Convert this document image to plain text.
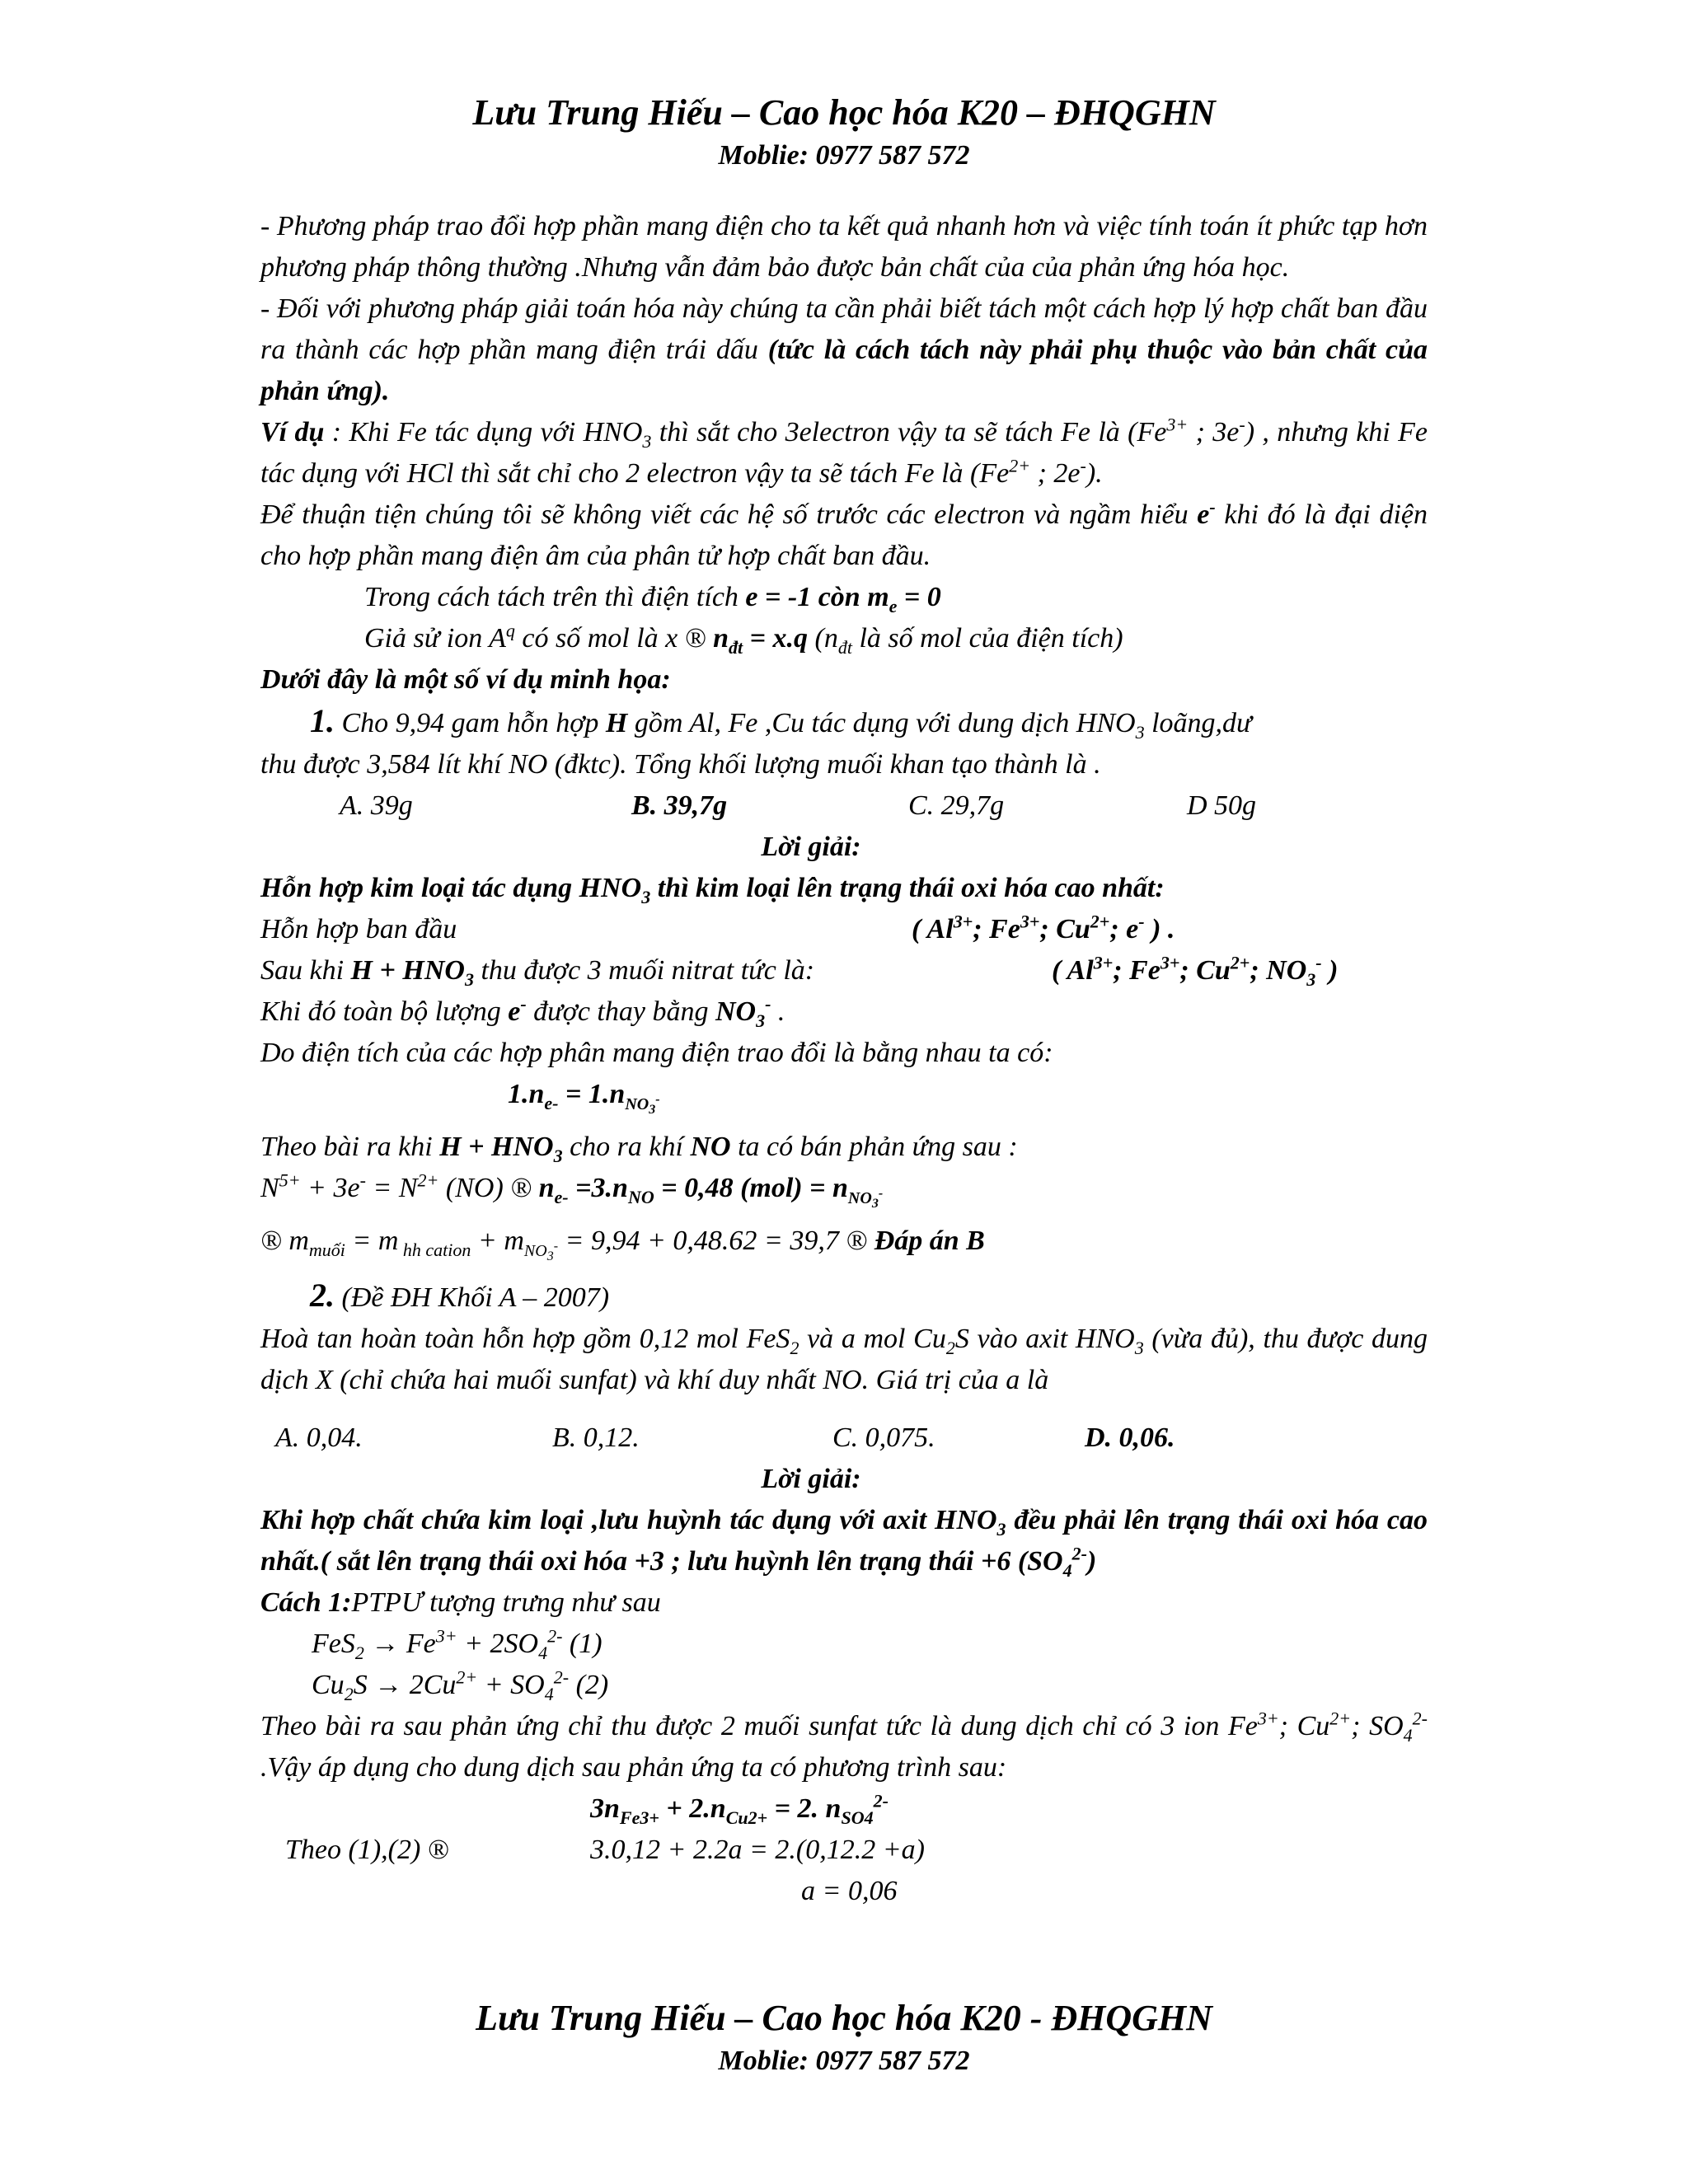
Lưu Trung Hiếu – Cao học hóa K20 – ĐHQGHN
Moblie: 0977 587 572

- Phương pháp trao đổi hợp phần mang điện cho ta kết quả nhanh hơn và việc tính toán ít phức tạp hơn phương pháp thông thường .Nhưng vẫn đảm bảo được bản chất của của phản ứng hóa học.

- Đối với phương pháp giải toán hóa này chúng ta cần phải biết tách một cách hợp lý hợp chất ban đầu ra thành các hợp phần mang điện trái dấu (tức là cách tách này phải phụ thuộc vào bản chất của phản ứng).

Ví dụ : Khi Fe tác dụng với $HNO_3$ thì sắt cho 3electron vậy ta sẽ tách Fe là ($Fe^{3+}$ ; 3e-) , nhưng khi Fe tác dụng với HCl thì sắt chỉ cho 2 electron vậy ta sẽ tách Fe là ($Fe^{2+}$ ; 2e-).

Để thuận tiện chúng tôi sẽ không viết các hệ số trước các electron và ngầm hiểu e- khi đó là đại diện cho hợp phần mang điện âm của phân tử hợp chất ban đầu.

Trong cách tách trên thì điện tích e = -1 còn $m_e = 0$

Giả sử ion $A^q$ có số mol là x ® $n_{đt} = x.q$ ($n_{đt}$ là số mol của điện tích)

Dưới đây là một số ví dụ minh họa:

1. Cho 9,94 gam hỗn hợp H gồm Al, Fe ,Cu tác dụng với dung dịch $HNO_3$ loãng,dư

thu được 3,584 lít khí NO (đktc). Tổng khối lượng muối khan tạo thành là .

A. 39g	B. 39,7g	C. 29,7g	D 50g

Lời giải:

Hỗn hợp kim loại tác dụng $HNO_3$ thì kim loại lên trạng thái oxi hóa cao nhất:

Hỗn hợp ban đầu	( $Al^{3+}$; $Fe^{3+}$; $Cu^{2+}$; e- ) .
Sau khi $H + HNO_3$ thu được 3 muối nitrat tức là:	( $Al^{3+}$; $Fe^{3+}$; $Cu^{2+}$; $NO_3^-$ )

Khi đó toàn bộ lượng e- được thay bằng $NO_3^-$ .

Do điện tích của các hợp phân mang điện trao đổi là bằng nhau ta có:

$1.n_{e-} = 1.n_{NO_3^-}$

Theo bài ra khi $H + HNO_3$ cho ra khí NO ta có bán phản ứng sau :

$N^{5+} + 3e^- = N^{2+}$ (NO) ® $n_{e-} =3.n_{NO} = 0,48$ $(mol) = n_{NO_3^-}$

® $m_{muối} = m$ $_{hh cation} + m_{NO_3^-} = 9,94 + 0,48.62 = 39,7$ ® Đáp án B

2. (Đề ĐH Khối A – 2007)

Hoà tan hoàn toàn hỗn hợp gồm 0,12 mol FeS$_2$ và a mol $Cu_2S$ vào axit $HNO_3$ (vừa đủ), thu được dung dịch X (chỉ chứa hai muối sunfat) và khí duy nhất NO. Giá trị của a là

A. 0,04.	B. 0,12.	C. 0,075.	D. 0,06.

Lời giải:

Khi hợp chất chứa kim loại ,lưu huỳnh tác dụng với axit $HNO_3$ đều phải lên trạng thái oxi hóa cao nhất.( sắt lên trạng thái oxi hóa +3 ; lưu huỳnh lên trạng thái +6 $(SO_4^{2-})$

Cách 1:PTPƯ tượng trưng như sau

$FeS_2 \to Fe^{3+} + 2SO_4^{2-}$ (1)

$Cu_2S \to 2Cu^{2+} + SO_4^{2-}$ (2)

Theo bài ra sau phản ứng chỉ thu được 2 muối sunfat tức là dung dịch chỉ có 3 ion $Fe^{3+}$; $Cu^{2+}$; $SO_4^{2-}$ .Vậy áp dụng cho dung dịch sau phản ứng ta có phương trình sau:

$3n_{Fe3+} + 2.n_{Cu2+} = 2$. $n_{SO4}^{2-}$

Theo (1),(2) ®	3.0,12 + 2.2a = 2.(0,12.2 +a)
a = 0,06
Lưu Trung Hiếu – Cao học hóa K20 - ĐHQGHN
Moblie: 0977 587 572
